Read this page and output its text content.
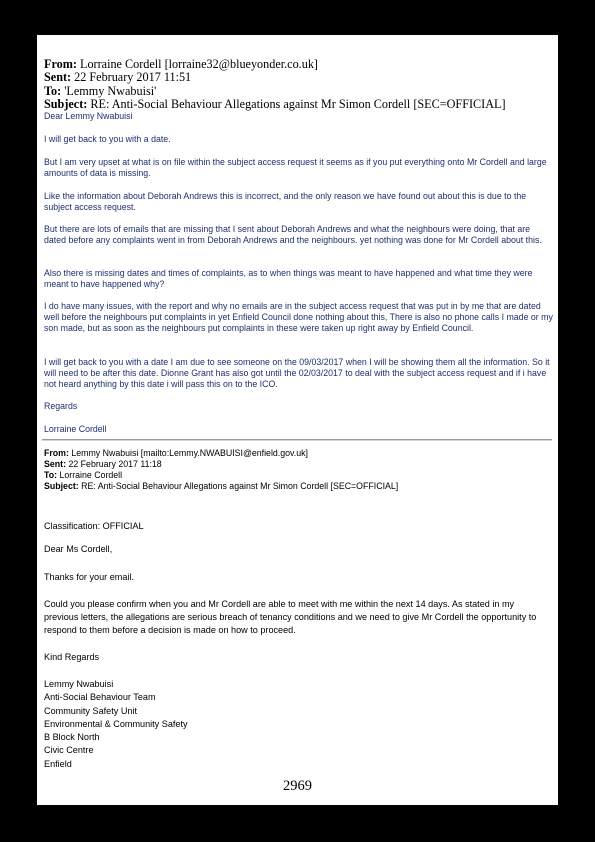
From: Lorraine Cordell [lorraine32@blueyonder.co.uk]
Sent: 22 February 2017 11:51
To: 'Lemmy Nwabuisi'
Subject: RE: Anti-Social Behaviour Allegations against Mr Simon Cordell [SEC=OFFICIAL]
Dear Lemmy Nwabuisi
I will get back to you with a date.
But I am very upset at what is on file within the subject access request it seems as if you put everything onto Mr Cordell and large amounts of data is missing.
Like the information about Deborah Andrews this is incorrect, and the only reason we have found out about this is due to the subject access request.
But there are lots of emails that are missing that I sent about Deborah Andrews and what the neighbours were doing, that are dated before any complaints went in from Deborah Andrews and the neighbours. yet nothing was done for Mr Cordell about this.
Also there is missing dates and times of complaints, as to when things was meant to have happened and what time they were meant to have happened why?
I do have many issues, with the report and why no emails are in the subject access request that was put in by me that are dated well before the neighbours put complaints in yet Enfield Council done nothing about this, There is also no phone calls I made or my son made, but as soon as the neighbours put complaints in these were taken up right away by Enfield Council.
I will get back to you with a date I am due to see someone on the 09/03/2017 when I will be showing them all the information. So it will need to be after this date. Dionne Grant has also got until the 02/03/2017 to deal with the subject access request and if i have not heard anything by this date i will pass this on to the ICO.
Regards
Lorraine Cordell
From: Lemmy Nwabuisi [mailto:Lemmy.NWABUISI@enfield.gov.uk]
Sent: 22 February 2017 11:18
To: Lorraine Cordell
Subject: RE: Anti-Social Behaviour Allegations against Mr Simon Cordell [SEC=OFFICIAL]
Classification: OFFICIAL
Dear Ms Cordell,
Thanks for your email.
Could you please confirm when you and Mr Cordell are able to meet with me within the next 14 days. As stated in my previous letters, the allegations are serious breach of tenancy conditions and we need to give Mr Cordell the opportunity to respond to them before a decision is made on how to proceed.
Kind Regards
Lemmy Nwabuisi
Anti-Social Behaviour Team
Community Safety Unit
Environmental & Community Safety
B Block North
Civic Centre
Enfield
2969
